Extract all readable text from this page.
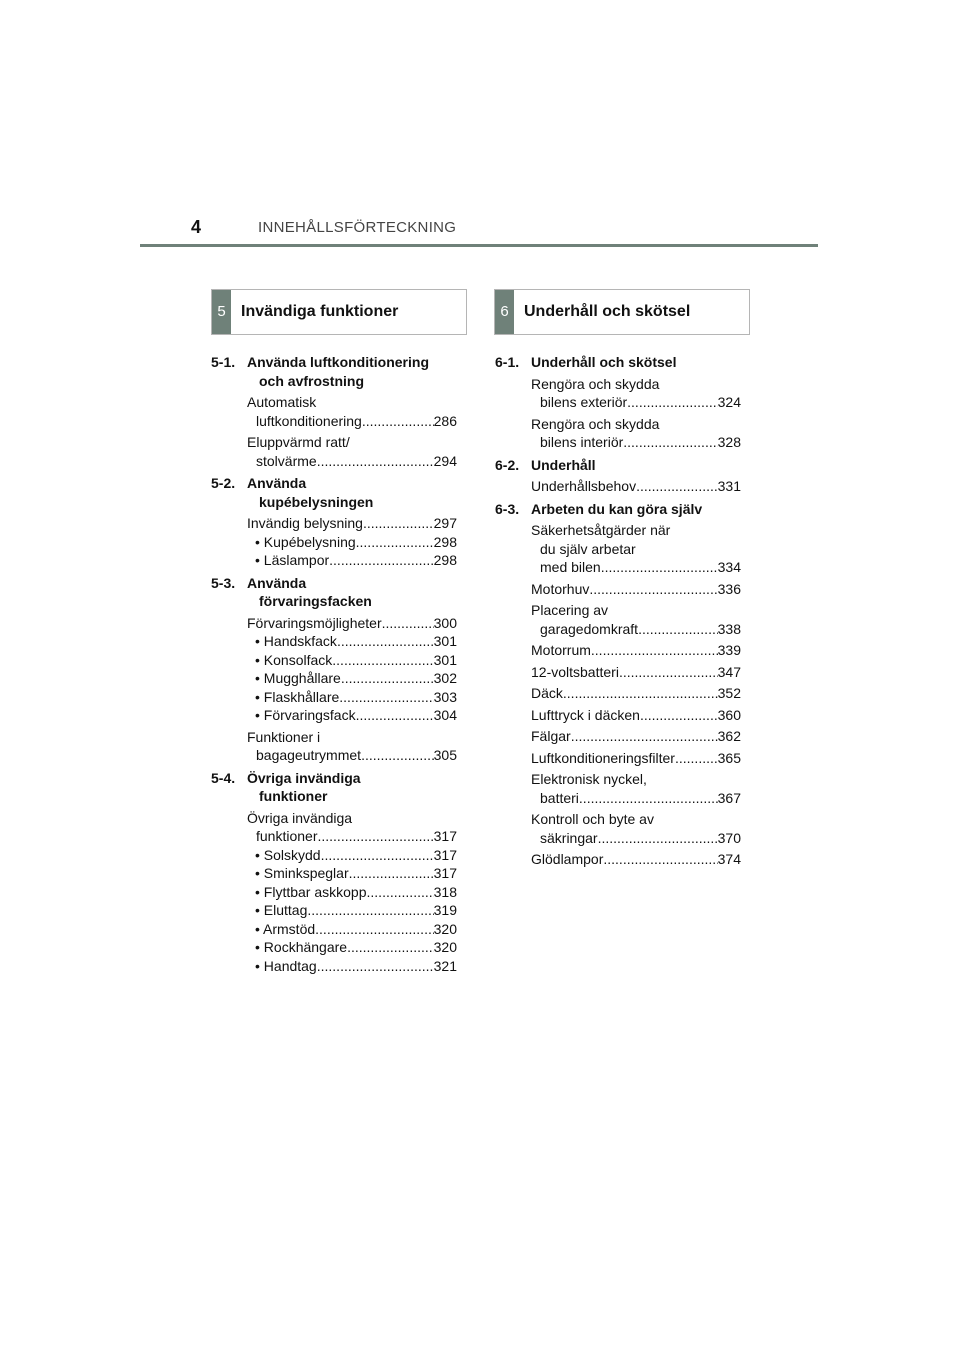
4	INNEHÅLLSFÖRTECKNING
5 Invändiga funktioner	6 Underhåll och skötsel
5-1. Använda luftkonditionering
och avfrostning
Automatisk
luftkonditionering .....	286
Eluppvärmd ratt/
stolvärme .....	294
5-2. Använda
kupébelysningen
Invändig belysning .....	297
• Kupébelysning .....	298
• Läslampor .....	298
5-3. Använda
förvaringsfacken
Förvaringsmöjligheter .....	300
• Handskfack .....	301
• Konsolfack .....	301
• Mugghållare .....	302
• Flaskhållare .....	303
• Förvaringsfack .....	304
Funktioner i
bagageutrymmet .....	305
5-4. Övriga invändiga
funktioner
Övriga invändiga
funktioner .....	317
• Solskydd .....	317
• Sminkspeglar .....	317
• Flyttbar askkopp .....	318
• Eluttag .....	319
• Armstöd .....	320
• Rockhängare .....	320
• Handtag .....	321
6-1. Underhåll och skötsel
Rengöra och skydda
bilens exteriör .....	324
Rengöra och skydda
bilens interiör .....	328
6-2. Underhåll
Underhållsbehov .....	331
6-3. Arbeten du kan göra själv
Säkerhetsåtgärder när
du själv arbetar
med bilen .....	334
Motorhuv .....	336
Placering av
garagedomkraft .....	338
Motorrum .....	339
12-voltsbatteri .....	347
Däck .....	352
Lufttryck i däcken .....	360
Fälgar .....	362
Luftkonditioneringsfilter .....	365
Elektronisk nyckel,
batteri .....	367
Kontroll och byte av
säkringar .....	370
Glödlampor .....	374
